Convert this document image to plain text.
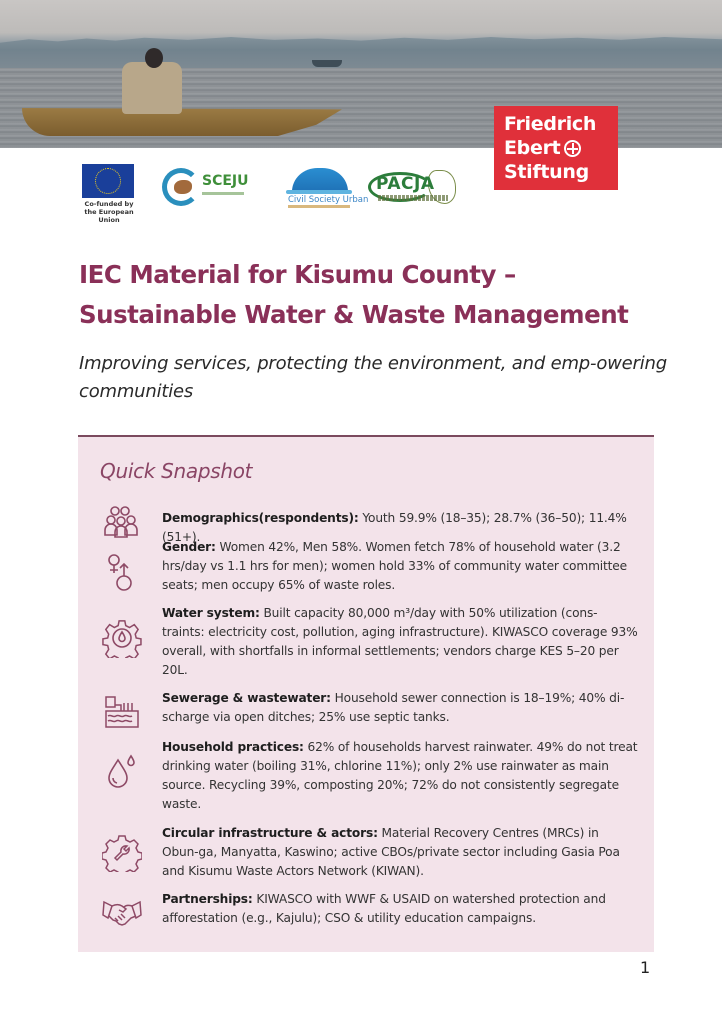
Friedrich
Ebert
Stiftung
Co-funded by the European Union
SCEJU
Civil Society Urban
PACJA
IEC Material for Kisumu County – Sustainable Water & Waste Management

Improving services, protecting the environment, and emp-owering communities

Quick Snapshot
Demographics(respondents): Youth 59.9% (18–35); 28.7% (36–50); 11.4% (51+).
Gender: Women 42%, Men 58%. Women fetch 78% of household water (3.2 hrs/day vs 1.1 hrs for men); women hold 33% of community water committee seats; men occupy 65% of waste roles.
Water system: Built capacity 80,000 m³/day with 50% utilization (cons-traints: electricity cost, pollution, aging infrastructure). KIWASCO coverage 93% overall, with shortfalls in informal settlements; vendors charge KES 5–20 per 20L.
Sewerage & wastewater: Household sewer connection is 18–19%; 40% di-scharge via open ditches; 25% use septic tanks.
Household practices: 62% of households harvest rainwater. 49% do not treat drinking water (boiling 31%, chlorine 11%); only 2% use rainwater as main source. Recycling 39%, composting 20%; 72% do not consistently segregate waste.
Circular infrastructure & actors: Material Recovery Centres (MRCs) in Obun-ga, Manyatta, Kaswino; active CBOs/private sector including Gasia Poa and Kisumu Waste Actors Network (KIWAN).
Partnerships: KIWASCO with WWF & USAID on watershed protection and afforestation (e.g., Kajulu); CSO & utility education campaigns.
1
